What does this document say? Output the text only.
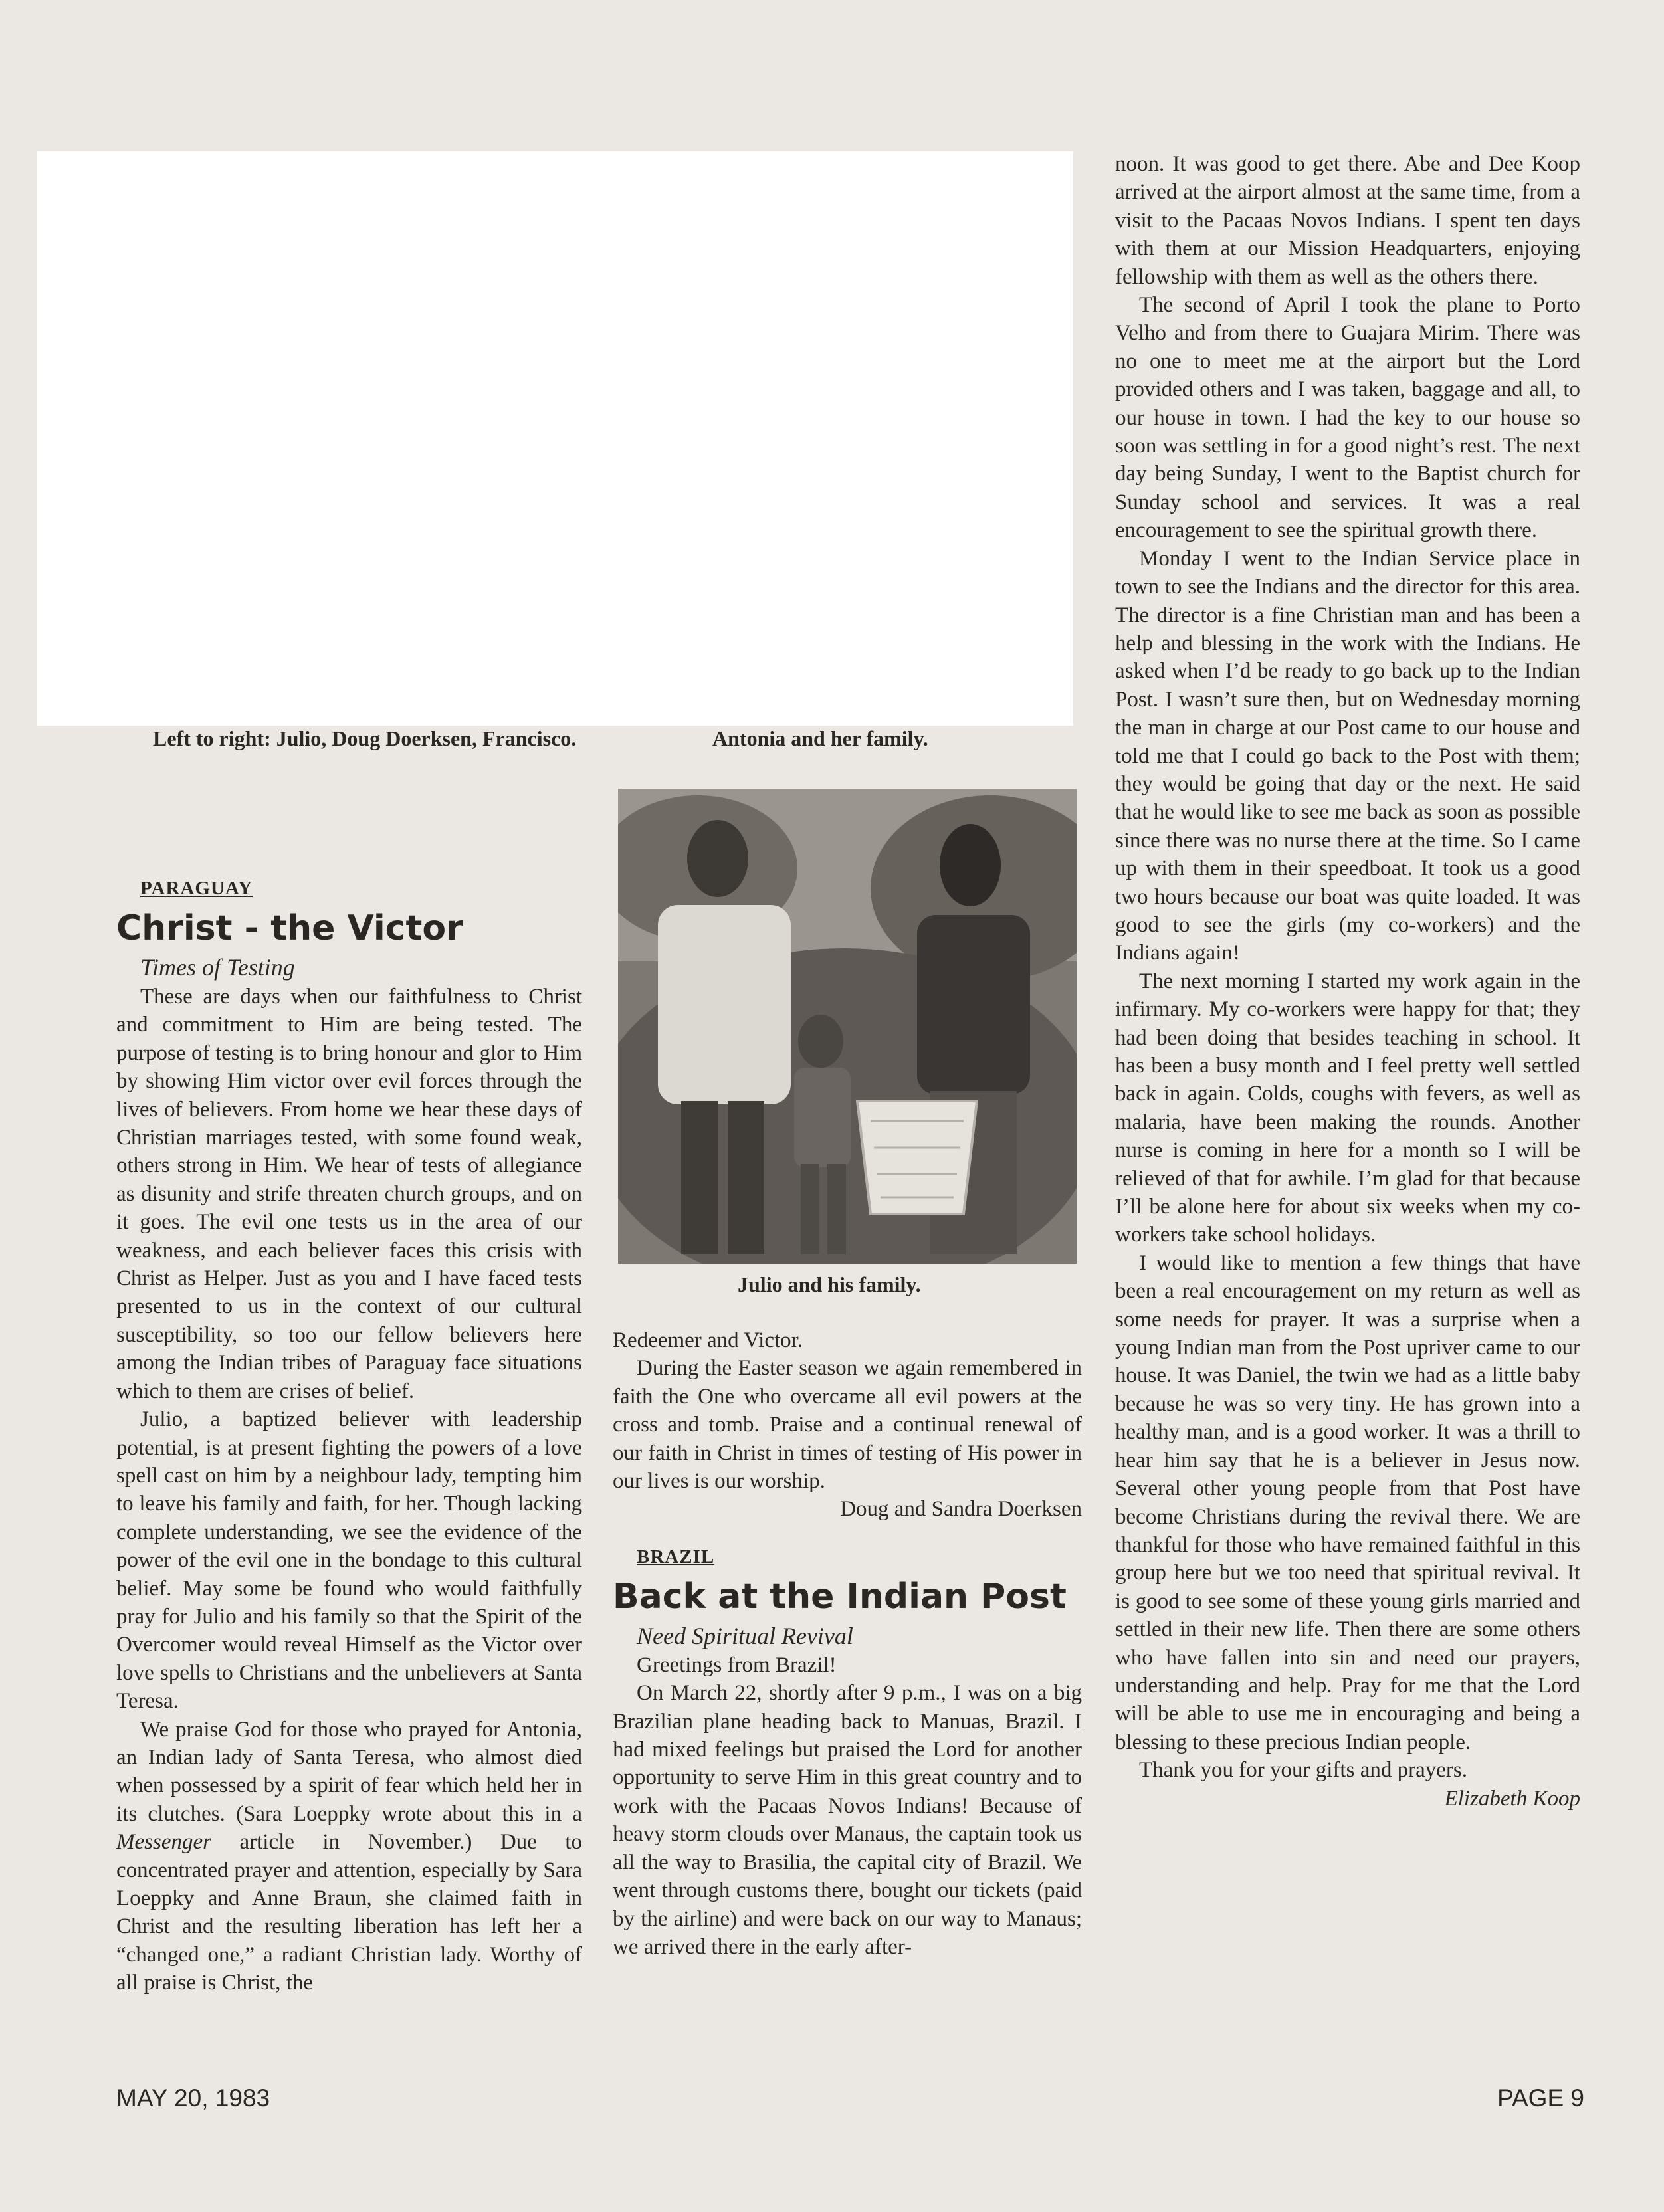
Left to right: Julio, Doug Doerksen, Francisco.	Antonia and her family.
Julio and his family.

PARAGUAY

Christ - the Victor

Times of Testing

These are days when our faithfulness to Christ and commitment to Him are being tested. The purpose of testing is to bring honour and glor to Him by showing Him victor over evil forces through the lives of believers. From home we hear these days of Christian marriages tested, with some found weak, others strong in Him. We hear of tests of allegiance as disunity and strife threaten church groups, and on it goes. The evil one tests us in the area of our weakness, and each believer faces this crisis with Christ as Helper. Just as you and I have faced tests presented to us in the context of our cultural susceptibility, so too our fellow believers here among the Indian tribes of Paraguay face situations which to them are crises of belief.

Julio, a baptized believer with leadership potential, is at present fighting the powers of a love spell cast on him by a neighbour lady, tempting him to leave his family and faith, for her. Though lacking complete understanding, we see the evidence of the power of the evil one in the bondage to this cultural belief. May some be found who would faithfully pray for Julio and his family so that the Spirit of the Overcomer would reveal Himself as the Victor over love spells to Christians and the unbelievers at Santa Teresa.

We praise God for those who prayed for Antonia, an Indian lady of Santa Teresa, who almost died when possessed by a spirit of fear which held her in its clutches. (Sara Loeppky wrote about this in a Messenger article in November.) Due to concentrated prayer and attention, especially by Sara Loeppky and Anne Braun, she claimed faith in Christ and the resulting liberation has left her a “changed one,” a radiant Christian lady. Worthy of all praise is Christ, the

Redeemer and Victor.

During the Easter season we again remembered in faith the One who overcame all evil powers at the cross and tomb. Praise and a continual renewal of our faith in Christ in times of testing of His power in our lives is our worship.

Doug and Sandra Doerksen

BRAZIL

Back at the Indian Post

Need Spiritual Revival

Greetings from Brazil!

On March 22, shortly after 9 p.m., I was on a big Brazilian plane heading back to Manuas, Brazil. I had mixed feelings but praised the Lord for another opportunity to serve Him in this great country and to work with the Pacaas Novos Indians! Because of heavy storm clouds over Manaus, the captain took us all the way to Brasilia, the capital city of Brazil. We went through customs there, bought our tickets (paid by the airline) and were back on our way to Manaus; we arrived there in the early after-

noon. It was good to get there. Abe and Dee Koop arrived at the airport almost at the same time, from a visit to the Pacaas Novos Indians. I spent ten days with them at our Mission Headquarters, enjoying fellowship with them as well as the others there.

The second of April I took the plane to Porto Velho and from there to Guajara Mirim. There was no one to meet me at the airport but the Lord provided others and I was taken, baggage and all, to our house in town. I had the key to our house so soon was settling in for a good night’s rest. The next day being Sunday, I went to the Baptist church for Sunday school and services. It was a real encouragement to see the spiritual growth there.

Monday I went to the Indian Service place in town to see the Indians and the director for this area. The director is a fine Christian man and has been a help and blessing in the work with the Indians. He asked when I’d be ready to go back up to the Indian Post. I wasn’t sure then, but on Wednesday morning the man in charge at our Post came to our house and told me that I could go back to the Post with them; they would be going that day or the next. He said that he would like to see me back as soon as possible since there was no nurse there at the time. So I came up with them in their speedboat. It took us a good two hours because our boat was quite loaded. It was good to see the girls (my co-workers) and the Indians again!

The next morning I started my work again in the infirmary. My co-workers were happy for that; they had been doing that besides teaching in school. It has been a busy month and I feel pretty well settled back in again. Colds, coughs with fevers, as well as malaria, have been making the rounds. Another nurse is coming in here for a month so I will be relieved of that for awhile. I’m glad for that because I’ll be alone here for about six weeks when my co-workers take school holidays.

I would like to mention a few things that have been a real encouragement on my return as well as some needs for prayer. It was a surprise when a young Indian man from the Post upriver came to our house. It was Daniel, the twin we had as a little baby because he was so very tiny. He has grown into a healthy man, and is a good worker. It was a thrill to hear him say that he is a believer in Jesus now. Several other young people from that Post have become Christians during the revival there. We are thankful for those who have remained faithful in this group here but we too need that spiritual revival. It is good to see some of these young girls married and settled in their new life. Then there are some others who have fallen into sin and need our prayers, understanding and help. Pray for me that the Lord will be able to use me in encouraging and being a blessing to these precious Indian people.

Thank you for your gifts and prayers.

Elizabeth Koop

MAY 20, 1983	PAGE 9
